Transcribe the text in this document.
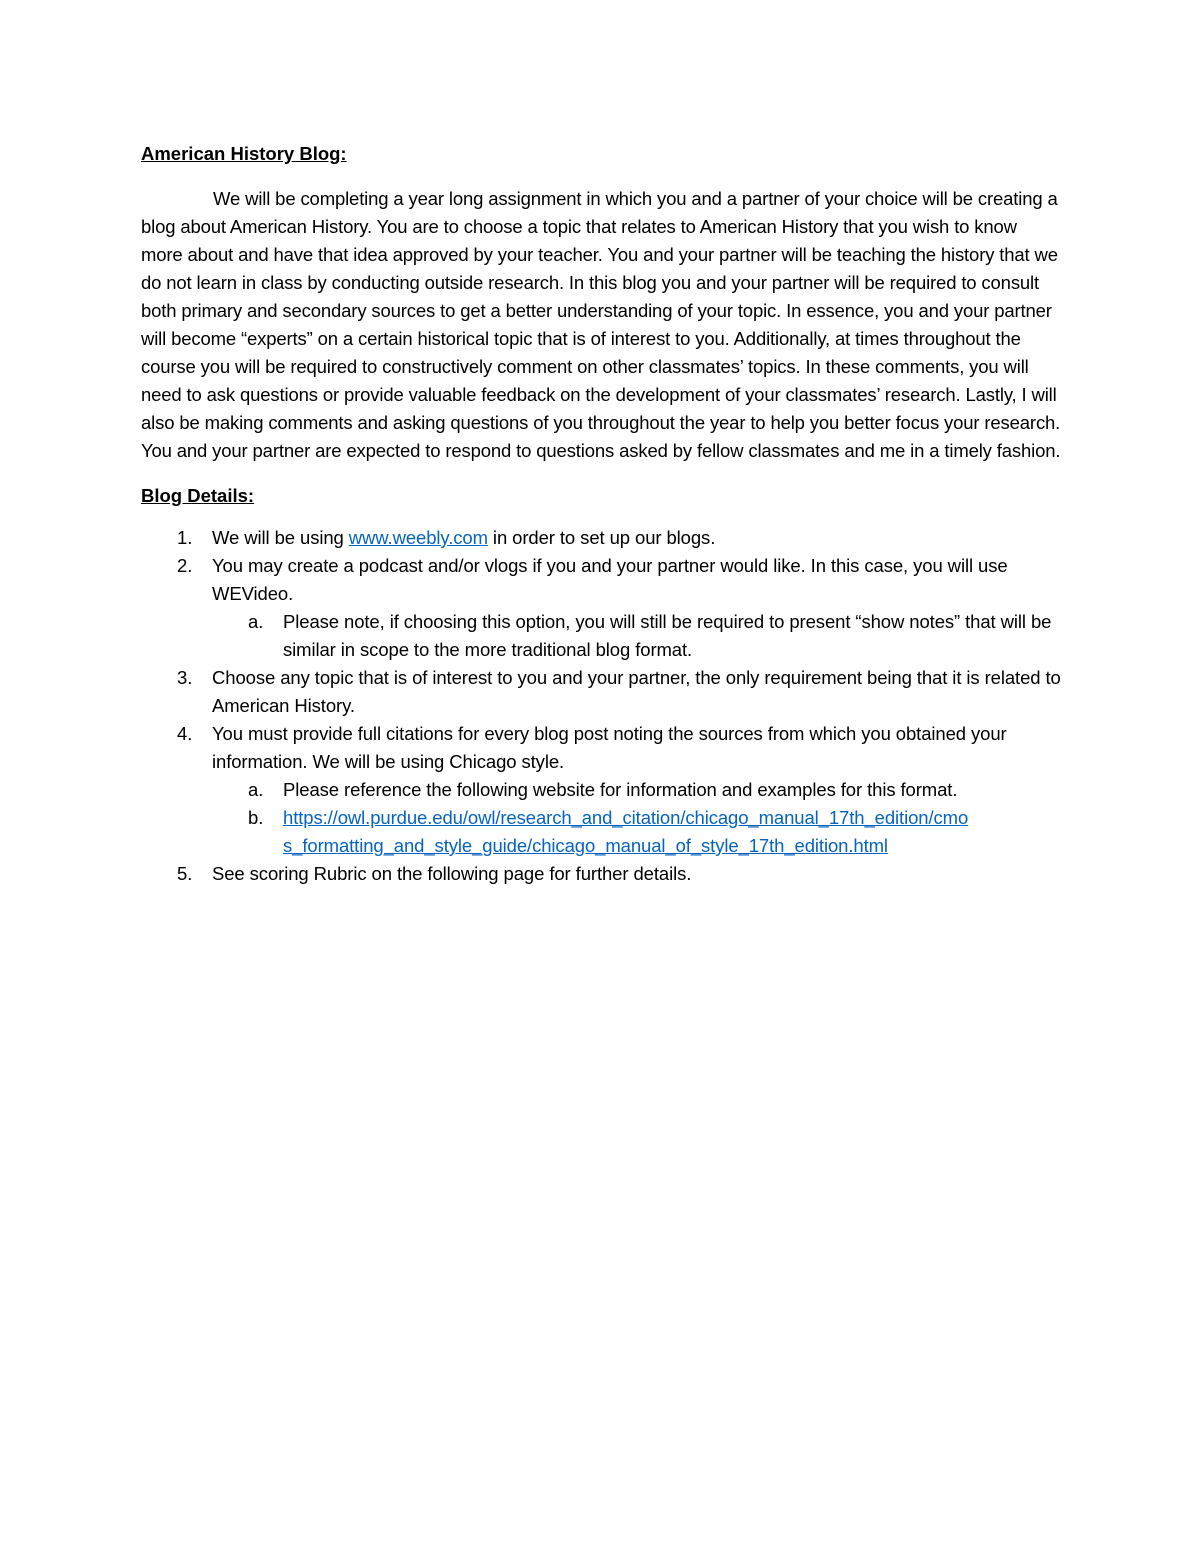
American History Blog:

We will be completing a year long assignment in which you and a partner of your choice will be creating a blog about American History. You are to choose a topic that relates to American History that you wish to know more about and have that idea approved by your teacher. You and your partner will be teaching the history that we do not learn in class by conducting outside research. In this blog you and your partner will be required to consult both primary and secondary sources to get a better understanding of your topic. In essence, you and your partner will become “experts” on a certain historical topic that is of interest to you. Additionally, at times throughout the course you will be required to constructively comment on other classmates’ topics. In these comments, you will need to ask questions or provide valuable feedback on the development of your classmates’ research. Lastly, I will also be making comments and asking questions of you throughout the year to help you better focus your research. You and your partner are expected to respond to questions asked by fellow classmates and me in a timely fashion.

Blog Details:

1. We will be using www.weebly.com in order to set up our blogs.
2. You may create a podcast and/or vlogs if you and your partner would like. In this case, you will use WEVideo.
a. Please note, if choosing this option, you will still be required to present “show notes” that will be similar in scope to the more traditional blog format.
3. Choose any topic that is of interest to you and your partner, the only requirement being that it is related to American History.
4. You must provide full citations for every blog post noting the sources from which you obtained your information. We will be using Chicago style.
a. Please reference the following website for information and examples for this format.
b. https://owl.purdue.edu/owl/research_and_citation/chicago_manual_17th_edition/cmo
s_formatting_and_style_guide/chicago_manual_of_style_17th_edition.html
5. See scoring Rubric on the following page for further details.
